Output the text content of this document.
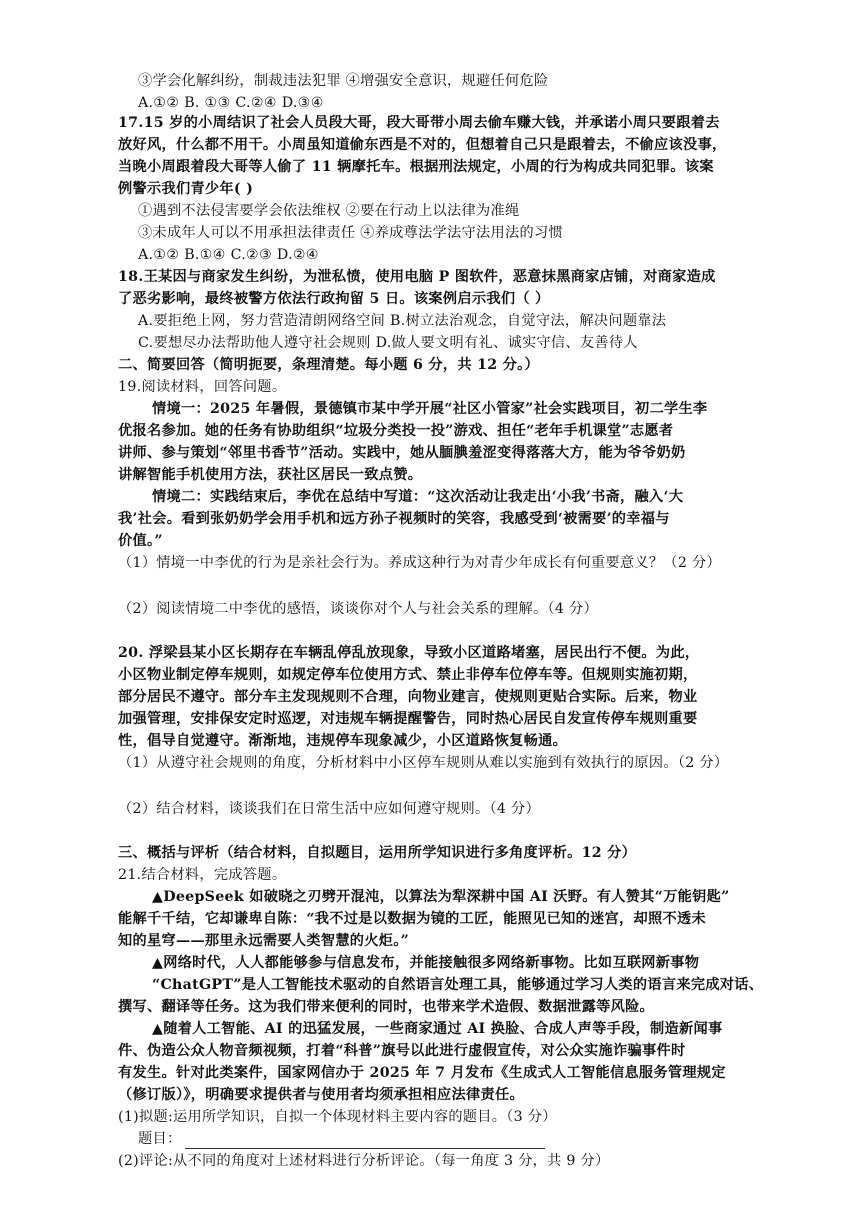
③学会化解纠纷，制裁违法犯罪 ④增强安全意识，规避任何危险
A.①② B. ①③ C.②④ D.③④
17.15 岁的小周结识了社会人员段大哥，段大哥带小周去偷车赚大钱，并承诺小周只要跟着去
放好风，什么都不用干。小周虽知道偷东西是不对的，但想着自己只是跟着去，不偷应该没事，
当晚小周跟着段大哥等人偷了 11 辆摩托车。根据刑法规定，小周的行为构成共同犯罪。该案
例警示我们青少年( )
①遇到不法侵害要学会依法维权 ②要在行动上以法律为准绳
③未成年人可以不用承担法律责任 ④养成尊法学法守法用法的习惯
A.①② B.①④ C.②③ D.②④
18.王某因与商家发生纠纷，为泄私愤，使用电脑 P 图软件，恶意抹黑商家店铺，对商家造成
了恶劣影响，最终被警方依法行政拘留 5 日。该案例启示我们（ ）
A.要拒绝上网，努力营造清朗网络空间 B.树立法治观念，自觉守法，解决问题靠法
C.要想尽办法帮助他人遵守社会规则 D.做人要文明有礼、诚实守信、友善待人
二、简要回答（简明扼要，条理清楚。每小题 6 分，共 12 分。）
19.阅读材料，回答问题。
情境一：2025 年暑假，景德镇市某中学开展“社区小管家”社会实践项目，初二学生李
优报名参加。她的任务有协助组织“垃圾分类投一投”游戏、担任“老年手机课堂”志愿者
讲师、参与策划“邻里书香节”活动。实践中，她从腼腆羞涩变得落落大方，能为爷爷奶奶
讲解智能手机使用方法，获社区居民一致点赞。
情境二：实践结束后，李优在总结中写道：“这次活动让我走出‘小我’书斋，融入‘大
我’社会。看到张奶奶学会用手机和远方孙子视频时的笑容，我感受到‘被需要’的幸福与
价值。”
（1）情境一中李优的行为是亲社会行为。养成这种行为对青少年成长有何重要意义？（2 分）
（2）阅读情境二中李优的感悟，谈谈你对个人与社会关系的理解。（4 分）
20. 浮梁县某小区长期存在车辆乱停乱放现象，导致小区道路堵塞，居民出行不便。为此，
小区物业制定停车规则，如规定停车位使用方式、禁止非停车位停车等。但规则实施初期，
部分居民不遵守。部分车主发现规则不合理，向物业建言，使规则更贴合实际。后来，物业
加强管理，安排保安定时巡逻，对违规车辆提醒警告，同时热心居民自发宣传停车规则重要
性，倡导自觉遵守。渐渐地，违规停车现象减少，小区道路恢复畅通。
（1）从遵守社会规则的角度，分析材料中小区停车规则从难以实施到有效执行的原因。（2 分）
（2）结合材料，谈谈我们在日常生活中应如何遵守规则。（4 分）
三、概括与评析（结合材料，自拟题目，运用所学知识进行多角度评析。12 分）
21.结合材料，完成答题。
▲DeepSeek 如破晓之刃劈开混沌，以算法为犁深耕中国 AI 沃野。有人赞其“万能钥匙”
能解千千结，它却谦卑自陈：“我不过是以数据为镜的工匠，能照见已知的迷宫，却照不透未
知的星穹——那里永远需要人类智慧的火炬。”
▲网络时代，人人都能够参与信息发布，并能接触很多网络新事物。比如互联网新事物
“ChatGPT”是人工智能技术驱动的自然语言处理工具，能够通过学习人类的语言来完成对话、
撰写、翻译等任务。这为我们带来便利的同时，也带来学术造假、数据泄露等风险。
▲随着人工智能、AI 的迅猛发展，一些商家通过 AI 换脸、合成人声等手段，制造新闻事
件、伪造公众人物音频视频，打着“科普”旗号以此进行虚假宣传，对公众实施诈骗事件时
有发生。针对此类案件，国家网信办于 2025 年 7 月发布《生成式人工智能信息服务管理规定
（修订版）》，明确要求提供者与使用者均须承担相应法律责任。
(1)拟题:运用所学知识，自拟一个体现材料主要内容的题目。（3 分）
题目：
(2)评论:从不同的角度对上述材料进行分析评论。（每一角度 3 分，共 9 分）
